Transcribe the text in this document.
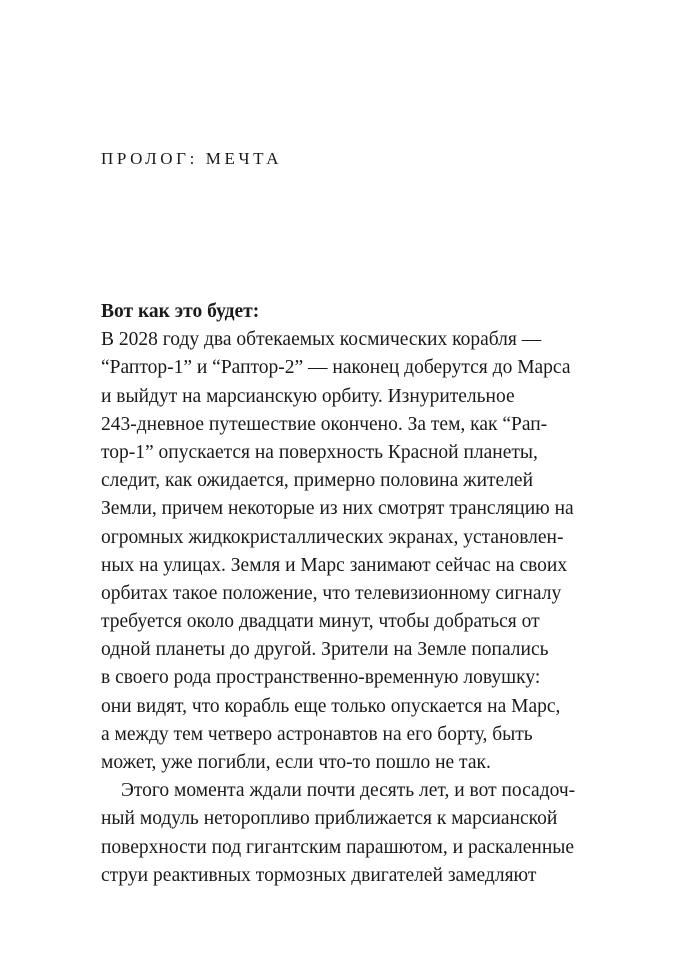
ПРОЛОГ: МЕЧТА
Вот как это будет:
В 2028 году два обтекаемых космических корабля —
“Раптор-1” и “Раптор-2” — наконец доберутся до Марса
и выйдут на марсианскую орбиту. Изнурительное
243-дневное путешествие окончено. За тем, как “Рап-
тор-1” опускается на поверхность Красной планеты,
следит, как ожидается, примерно половина жителей
Земли, причем некоторые из них смотрят трансляцию на
огромных жидкокристаллических экранах, установлен-
ных на улицах. Земля и Марс занимают сейчас на своих
орбитах такое положение, что телевизионному сигналу
требуется около двадцати минут, чтобы добраться от
одной планеты до другой. Зрители на Земле попались
в своего рода пространственно-временную ловушку:
они видят, что корабль еще только опускается на Марс,
а между тем четверо астронавтов на его борту, быть
может, уже погибли, если что-то пошло не так.
Этого момента ждали почти десять лет, и вот посадоч-
ный модуль неторопливо приближается к марсианской
поверхности под гигантским парашютом, и раскаленные
струи реактивных тормозных двигателей замедляют
